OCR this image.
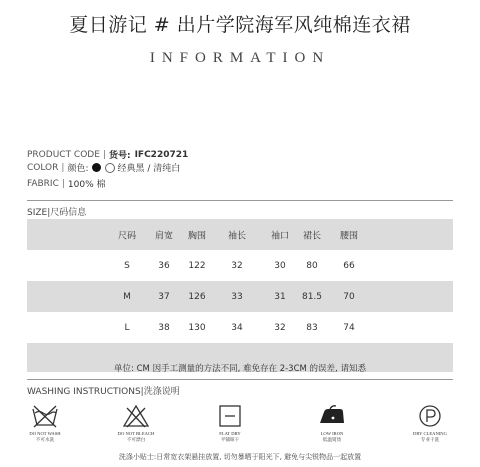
夏日游记 # 出片学院海军风纯棉连衣裙
INFORMATION
PRODUCT CODE | 货号: IFC220721
COLOR | 颜色:	经典黑 / 清纯白
FABRIC | 100% 棉
SIZE|尺码信息
尺码 肩宽 胸围 袖长	袖口 裙长 腰围
S	36 122	32	30 80	66
M	37 126	33	31 81.5 70
L	38 130	34	32 83	74
单位: CM 因手工测量的方法不同, 难免存在 2-3CM 的误差, 请知悉
WASHING INSTRUCTIONS|洗涤说明
DO NOT WASH
不可水洗
DO NOT BLEACH
不可漂白
FLAT DRY
平铺晾干
LOW IRON
低温熨烫
DRY CLEANING
专业干洗
洗涤小贴士:日常宽衣架悬挂放置, 切勿暴晒于阳光下, 避免与尖锐物品一起放置
